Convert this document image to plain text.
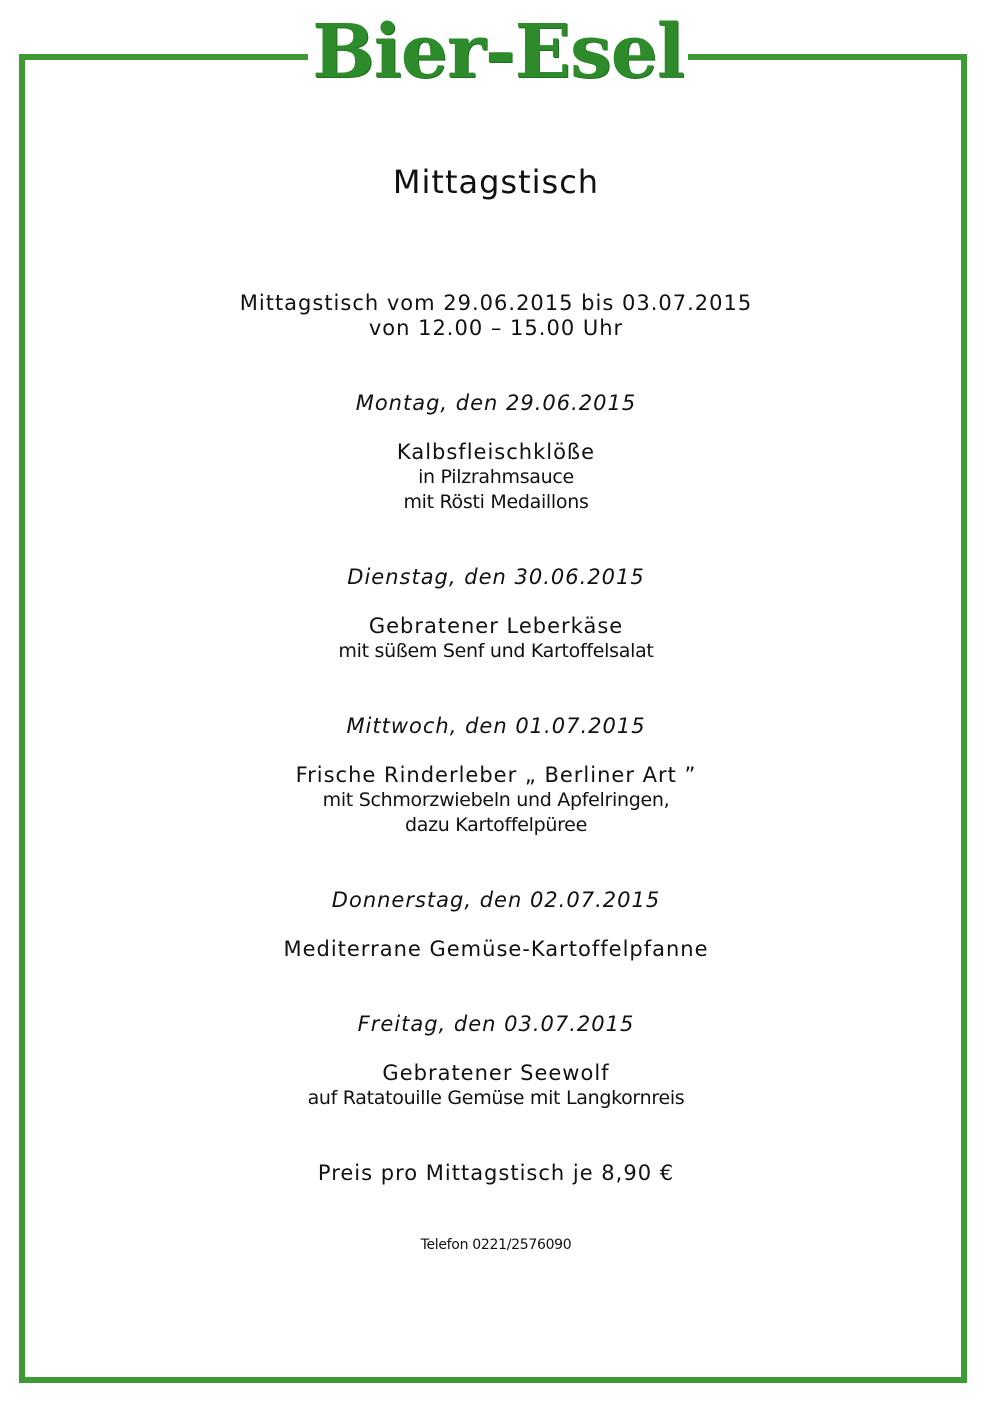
Bier-Esel
Mittagstisch
Mittagstisch vom 29.06.2015 bis 03.07.2015
von 12.00 – 15.00 Uhr
Montag, den 29.06.2015
Kalbsfleischklöße
in Pilzrahmsauce
mit Rösti Medaillons
Dienstag, den 30.06.2015
Gebratener Leberkäse
mit süßem Senf und Kartoffelsalat
Mittwoch, den 01.07.2015
Frische Rinderleber „ Berliner Art ”
mit Schmorzwiebeln und Apfelringen,
dazu Kartoffelpüree
Donnerstag, den 02.07.2015
Mediterrane Gemüse-Kartoffelpfanne
Freitag, den 03.07.2015
Gebratener Seewolf
auf Ratatouille Gemüse mit Langkornreis
Preis pro Mittagstisch je 8,90 €
Telefon 0221/2576090
